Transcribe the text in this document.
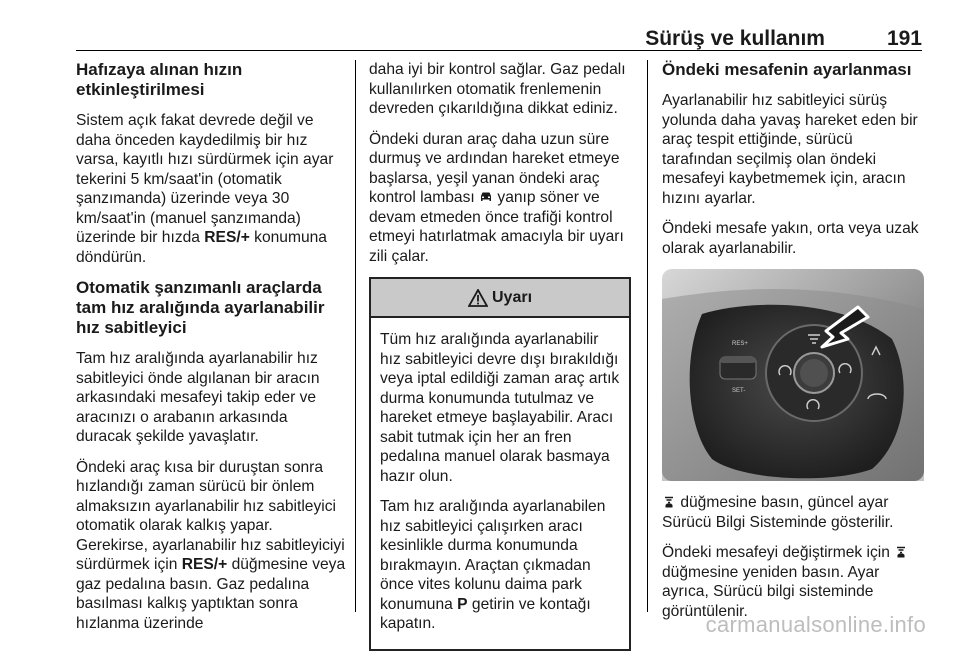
Sürüş ve kullanım	191
Hafızaya alınan hızın etkinleştirilmesi

Sistem açık fakat devrede değil ve daha önceden kaydedilmiş bir hız varsa, kayıtlı hızı sürdürmek için ayar tekerini 5 km/saat'in (otomatik şanzımanda) üzerinde veya 30 km/saat'in (manuel şanzımanda) üzerinde bir hızda RES/+ konumuna döndürün.

Otomatik şanzımanlı araçlarda tam hız aralığında ayarlanabilir hız sabitleyici

Tam hız aralığında ayarlanabilir hız sabitleyici önde algılanan bir aracın arkasındaki mesafeyi takip eder ve aracınızı o arabanın arkasında duracak şekilde yavaşlatır.

Öndeki araç kısa bir duruştan sonra hızlandığı zaman sürücü bir önlem almaksızın ayarlanabilir hız sabitleyici otomatik olarak kalkış yapar. Gerekirse, ayarlanabilir hız sabitleyiciyi sürdürmek için RES/+ düğmesine veya gaz pedalına basın. Gaz pedalına basılması kalkış yaptıktan sonra hızlanma üzerinde

daha iyi bir kontrol sağlar. Gaz pedalı kullanılırken otomatik frenlemenin devreden çıkarıldığına dikkat ediniz.

Öndeki duran araç daha uzun süre durmuş ve ardından hareket etmeye başlarsa, yeşil yanan öndeki araç kontrol lambası  yanıp söner ve devam etmeden önce trafiği kontrol etmeyi hatırlatmak amacıyla bir uyarı zili çalar.

Uyarı

Tüm hız aralığında ayarlanabilir hız sabitleyici devre dışı bırakıldığı veya iptal edildiği zaman araç artık durma konumunda tutulmaz ve hareket etmeye başlayabilir. Aracı sabit tutmak için her an fren pedalına manuel olarak basmaya hazır olun.

Tam hız aralığında ayarlanabilen hız sabitleyici çalışırken aracı kesinlikle durma konumunda bırakmayın. Araçtan çıkmadan önce vites kolunu daima park konumuna P getirin ve kontağı kapatın.

Öndeki mesafenin ayarlanması

Ayarlanabilir hız sabitleyici sürüş yolunda daha yavaş hareket eden bir araç tespit ettiğinde, sürücü tarafından seçilmiş olan öndeki mesafeyi kaybetmemek için, aracın hızını ayarlar.

Öndeki mesafe yakın, orta veya uzak olarak ayarlanabilir.

RES+
SET-

düğmesine basın, güncel ayar Sürücü Bilgi Sisteminde gösterilir.

Öndeki mesafeyi değiştirmek için  düğmesine yeniden basın. Ayar ayrıca, Sürücü bilgi sisteminde görüntülenir.

carmanualsonline.info
